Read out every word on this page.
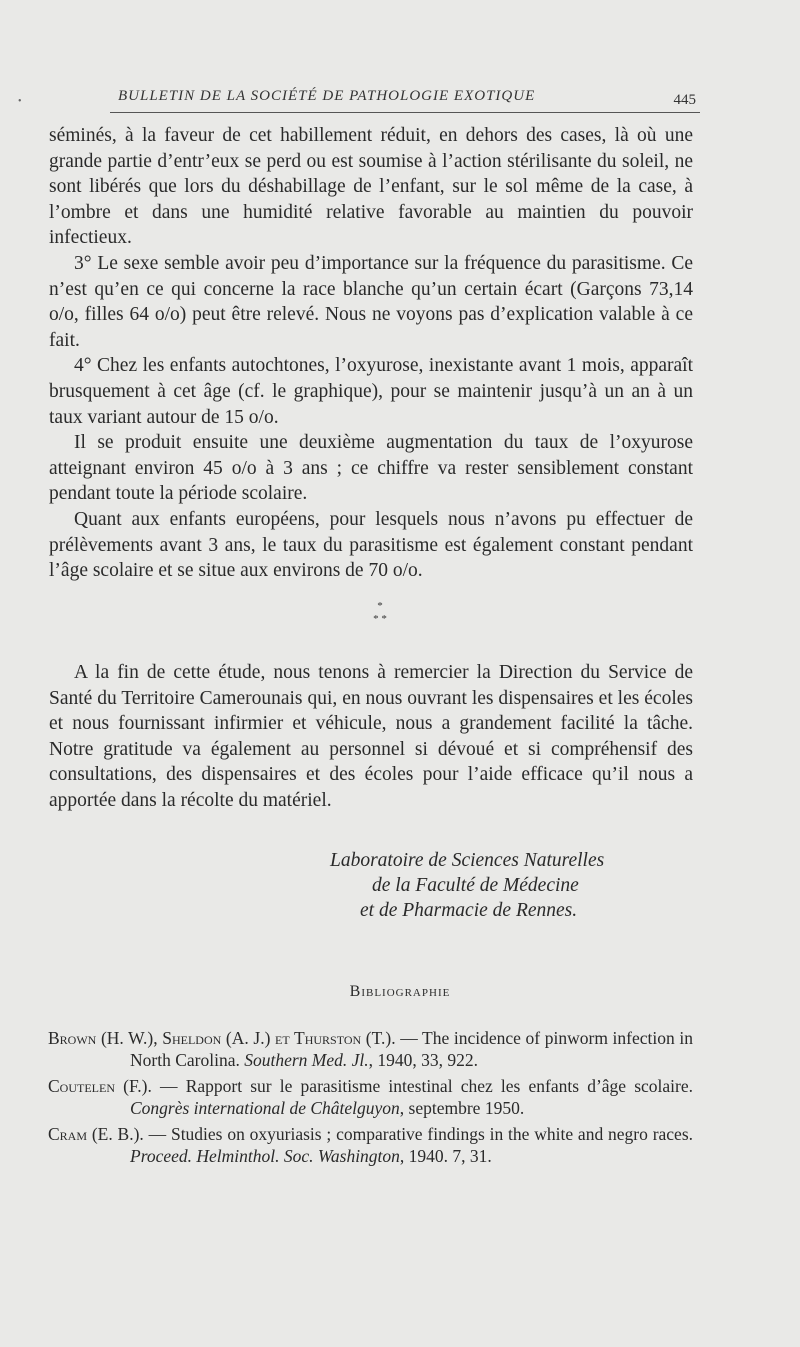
•	BULLETIN DE LA SOCIÉTÉ DE PATHOLOGIE EXOTIQUE	445

séminés, à la faveur de cet habillement réduit, en dehors des cases, là où une grande partie d’entr’eux se perd ou est soumise à l’action stérilisante du soleil, ne sont libérés que lors du déshabillage de l’enfant, sur le sol même de la case, à l’ombre et dans une humidité relative favorable au maintien du pouvoir infectieux.

3° Le sexe semble avoir peu d’importance sur la fréquence du parasitisme. Ce n’est qu’en ce qui concerne la race blanche qu’un certain écart (Garçons 73,14 o/o, filles 64 o/o) peut être relevé. Nous ne voyons pas d’explication valable à ce fait.

4° Chez les enfants autochtones, l’oxyurose, inexistante avant 1 mois, apparaît brusquement à cet âge (cf. le graphique), pour se maintenir jusqu’à un an à un taux variant autour de 15 o/o.

Il se produit ensuite une deuxième augmentation du taux de l’oxyurose atteignant environ 45 o/o à 3 ans ; ce chiffre va rester sensiblement constant pendant toute la période scolaire.

Quant aux enfants européens, pour lesquels nous n’avons pu effectuer de prélèvements avant 3 ans, le taux du parasitisme est également constant pendant l’âge scolaire et se situe aux environs de 70 o/o.

*
* *

A la fin de cette étude, nous tenons à remercier la Direction du Service de Santé du Territoire Camerounais qui, en nous ouvrant les dispensaires et les écoles et nous fournissant infirmier et véhicule, nous a grandement facilité la tâche. Notre gratitude va également au personnel si dévoué et si compréhensif des consultations, des dispensaires et des écoles pour l’aide efficace qu’il nous a apportée dans la récolte du matériel.

Laboratoire de Sciences Naturelles
de la Faculté de Médecine
et de Pharmacie de Rennes.
Bibliographie
Brown (H. W.), Sheldon (A. J.) et Thurston (T.). — The incidence of pinworm infection in North Carolina. Southern Med. Jl., 1940, 33, 922.
Coutelen (F.). — Rapport sur le parasitisme intestinal chez les enfants d’âge scolaire. Congrès international de Châtelguyon, septembre 1950.
Cram (E. B.). — Studies on oxyuriasis ; comparative findings in the white and negro races. Proceed. Helminthol. Soc. Washington, 1940. 7, 31.
